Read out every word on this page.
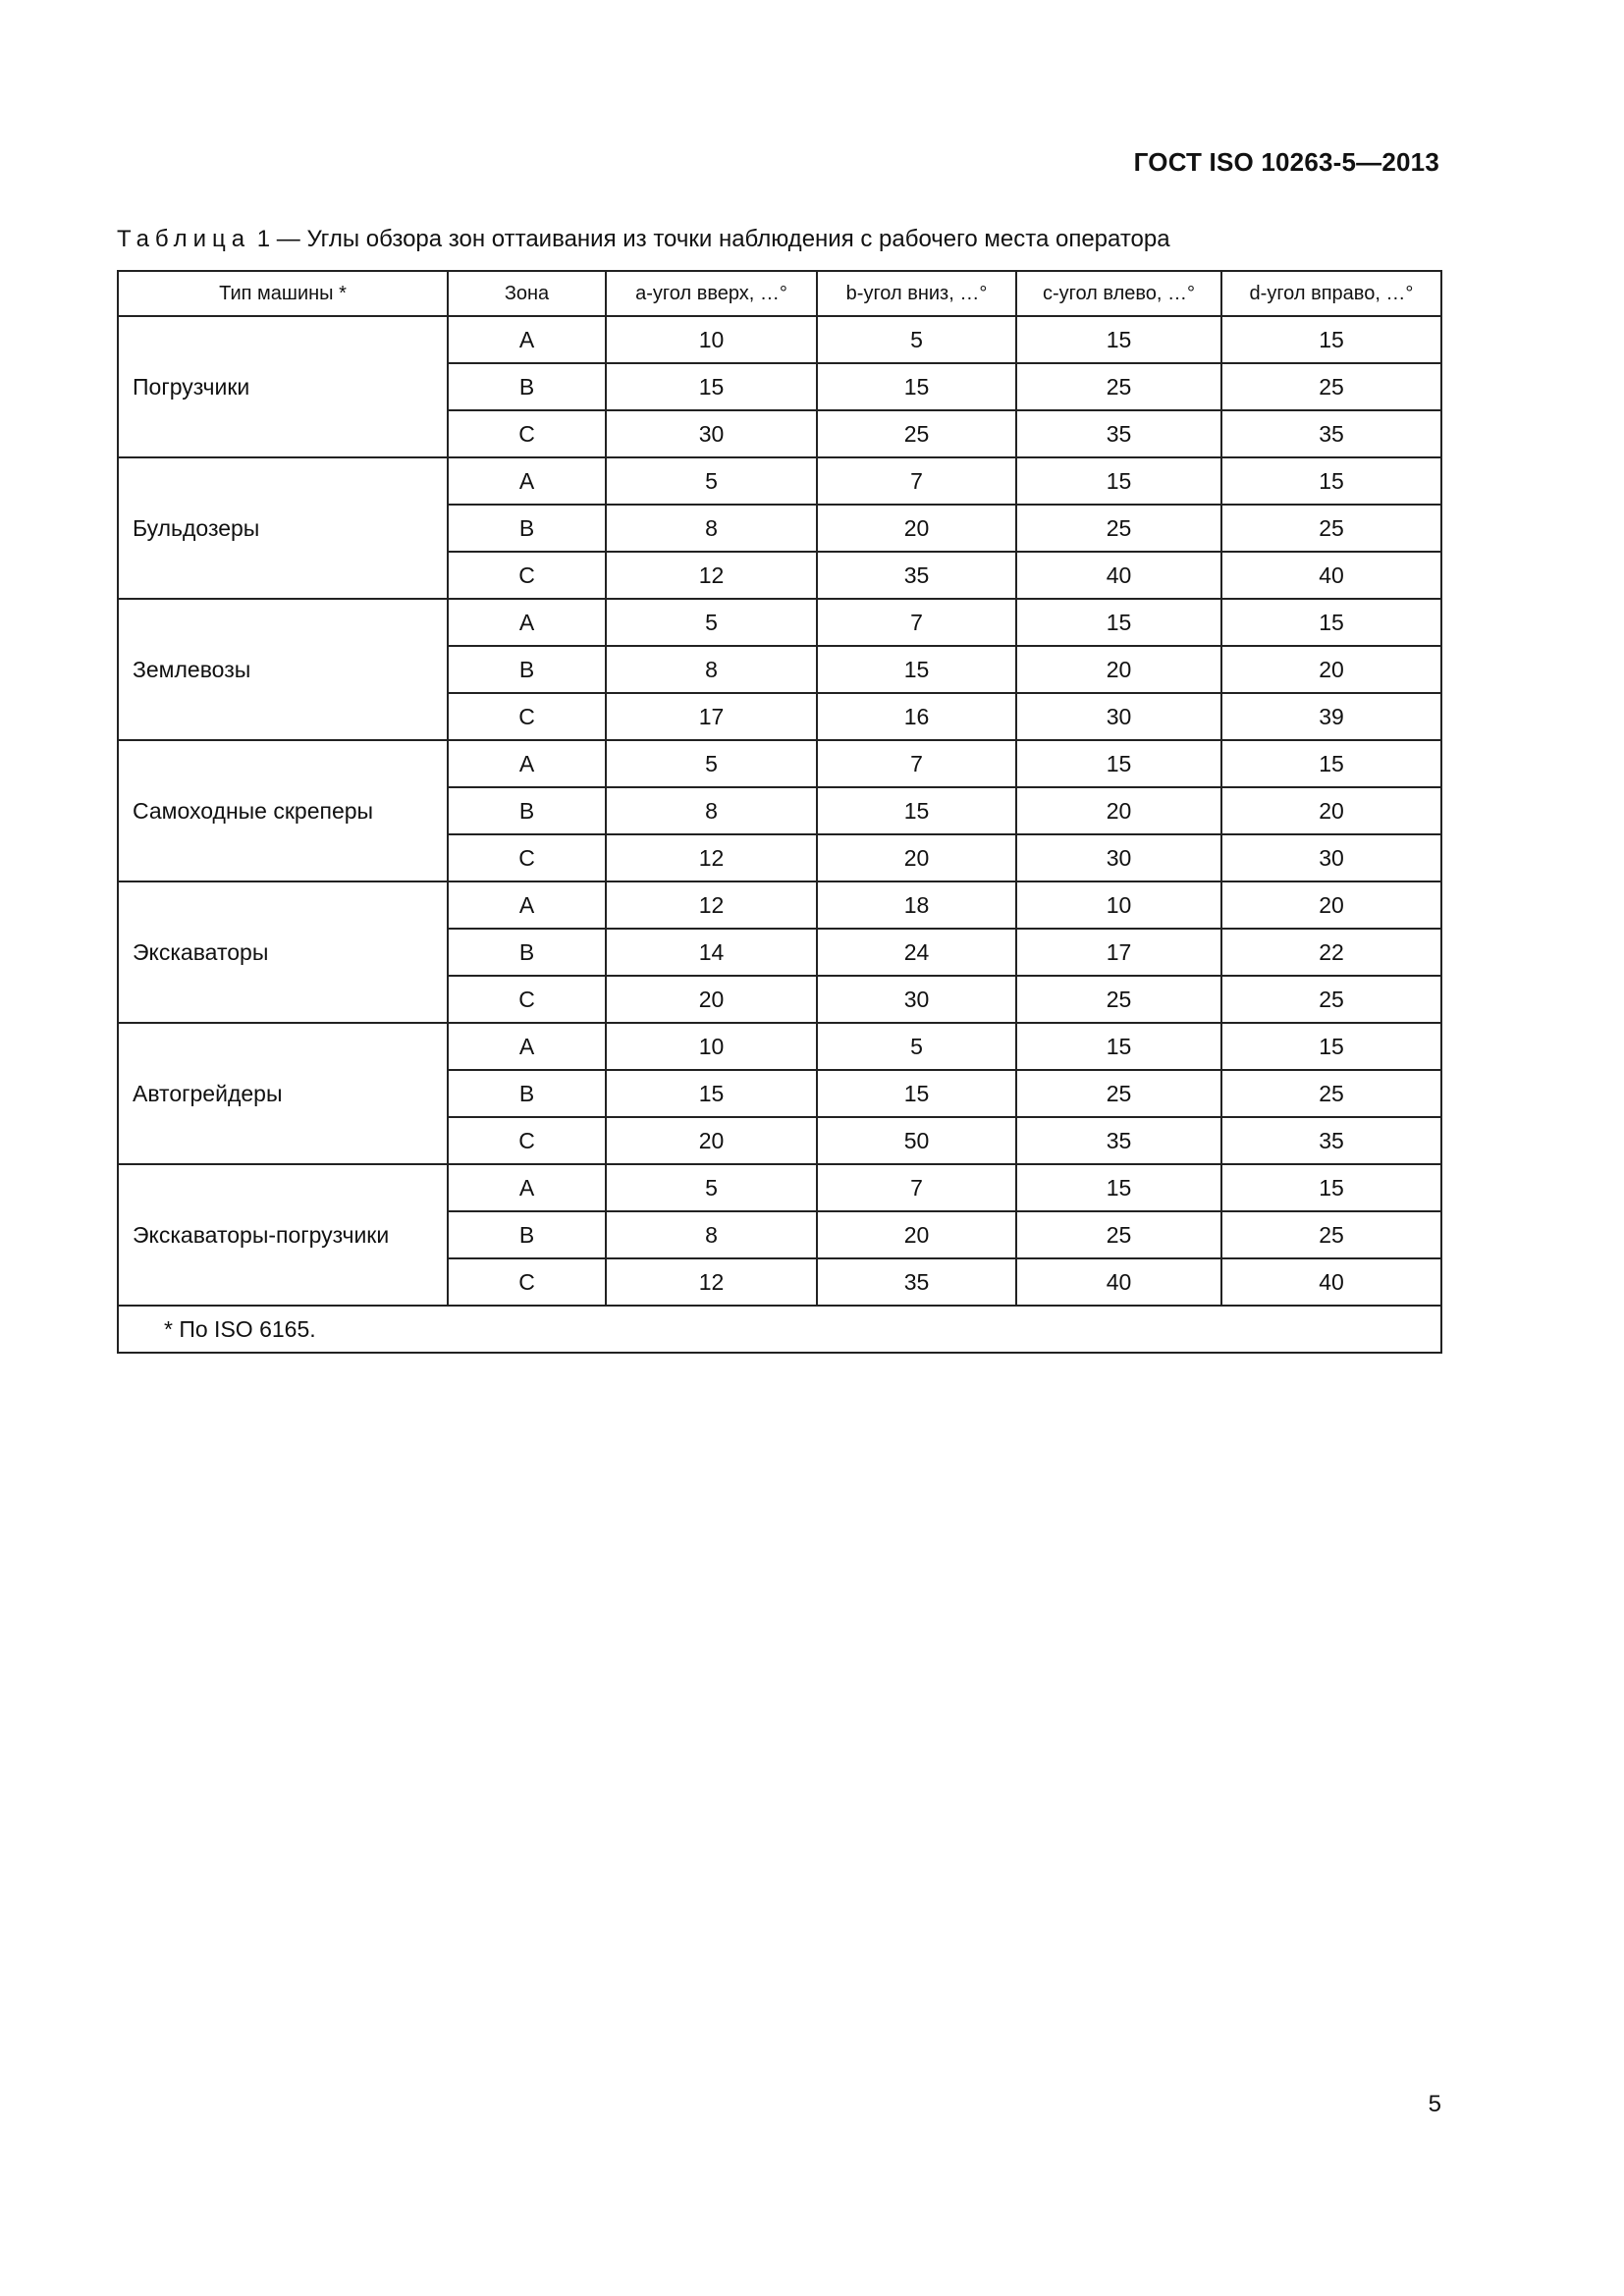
ГОСТ ISO 10263-5—2013
Таблица 1 — Углы обзора зон оттаивания из точки наблюдения с рабочего места оператора
Тип машины *	Зона	a-угол вверх, …°	b-угол вниз, …°	c-угол влево, …°	d-угол вправо, …°
Погрузчики	A	10	5	15	15
	B	15	15	25	25
	C	30	25	35	35
Бульдозеры	A	5	7	15	15
	B	8	20	25	25
	C	12	35	40	40
Землевозы	A	5	7	15	15
	B	8	15	20	20
	C	17	16	30	39
Самоходные скреперы	A	5	7	15	15
	B	8	15	20	20
	C	12	20	30	30
Экскаваторы	A	12	18	10	20
	B	14	24	17	22
	C	20	30	25	25
Автогрейдеры	A	10	5	15	15
	B	15	15	25	25
	C	20	50	35	35
Экскаваторы-погрузчики	A	5	7	15	15
	B	8	20	25	25
	C	12	35	40	40
* По ISO 6165.					
5
